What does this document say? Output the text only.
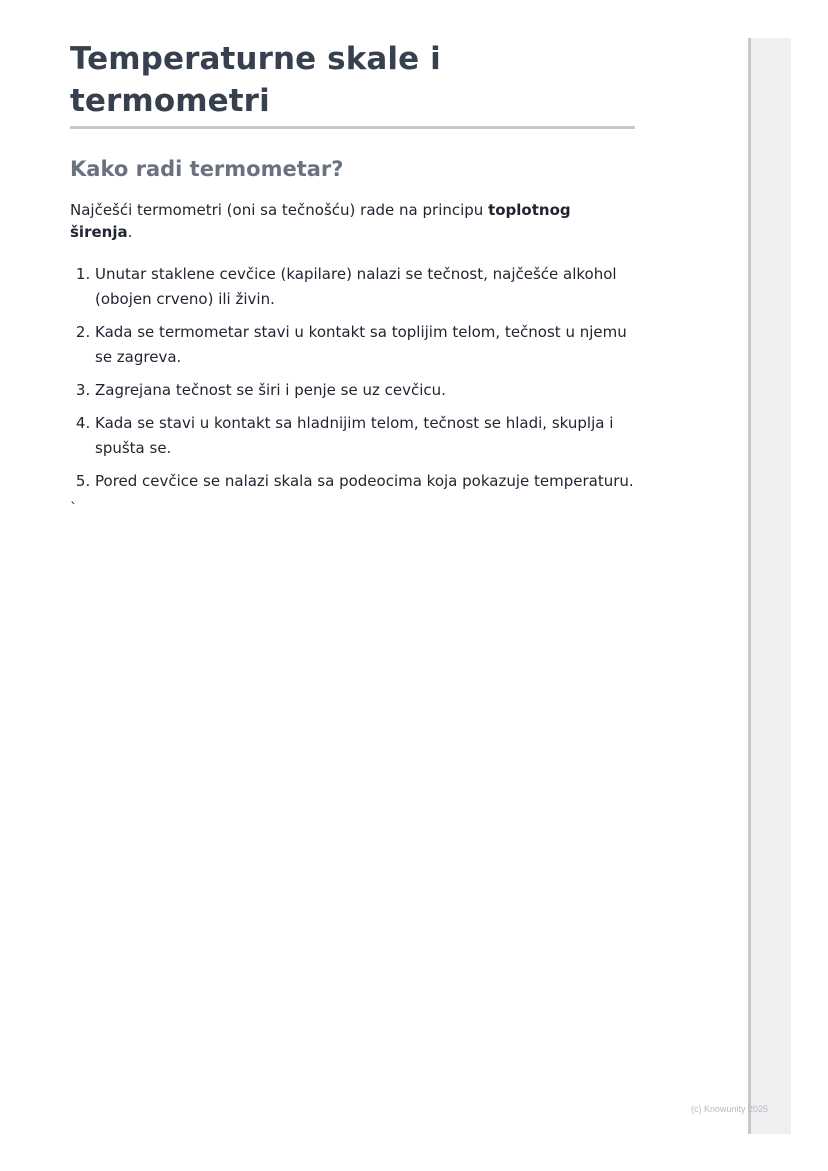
Temperaturne skale i termometri
Kako radi termometar?

Najčešći termometri (oni sa tečnošću) rade na principu toplotnog širenja.

1. Unutar staklene cevčice (kapilare) nalazi se tečnost, najčešće alkohol (obojen crveno) ili živin.
2. Kada se termometar stavi u kontakt sa toplijim telom, tečnost u njemu se zagreva.
3. Zagrejana tečnost se širi i penje se uz cevčicu.
4. Kada se stavi u kontakt sa hladnijim telom, tečnost se hladi, skuplja i spušta se.
5. Pored cevčice se nalazi skala sa podeocima koja pokazuje temperaturu.
`
(c) Knowunity 2025
